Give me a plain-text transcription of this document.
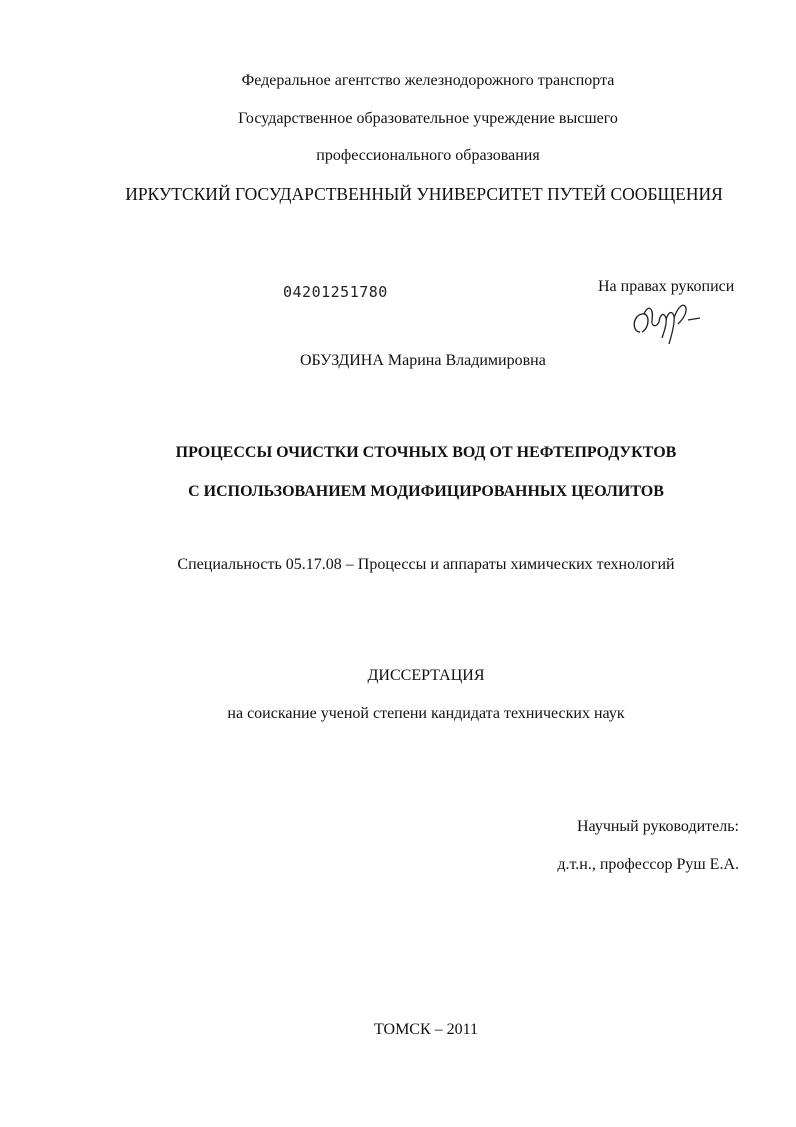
Федеральное агентство железнодорожного транспорта
Государственное образовательное учреждение высшего
профессионального образования
ИРКУТСКИЙ ГОСУДАРСТВЕННЫЙ УНИВЕРСИТЕТ ПУТЕЙ СООБЩЕНИЯ
04201251780	На правах рукописи
ОБУЗДИНА Марина Владимировна
ПРОЦЕССЫ ОЧИСТКИ СТОЧНЫХ ВОД ОТ НЕФТЕПРОДУКТОВ
С ИСПОЛЬЗОВАНИЕМ МОДИФИЦИРОВАННЫХ ЦЕОЛИТОВ
Специальность 05.17.08 – Процессы и аппараты химических технологий
ДИССЕРТАЦИЯ
на соискание ученой степени кандидата технических наук
Научный руководитель:
д.т.н., профессор Руш Е.А.
ТОМСК – 2011
